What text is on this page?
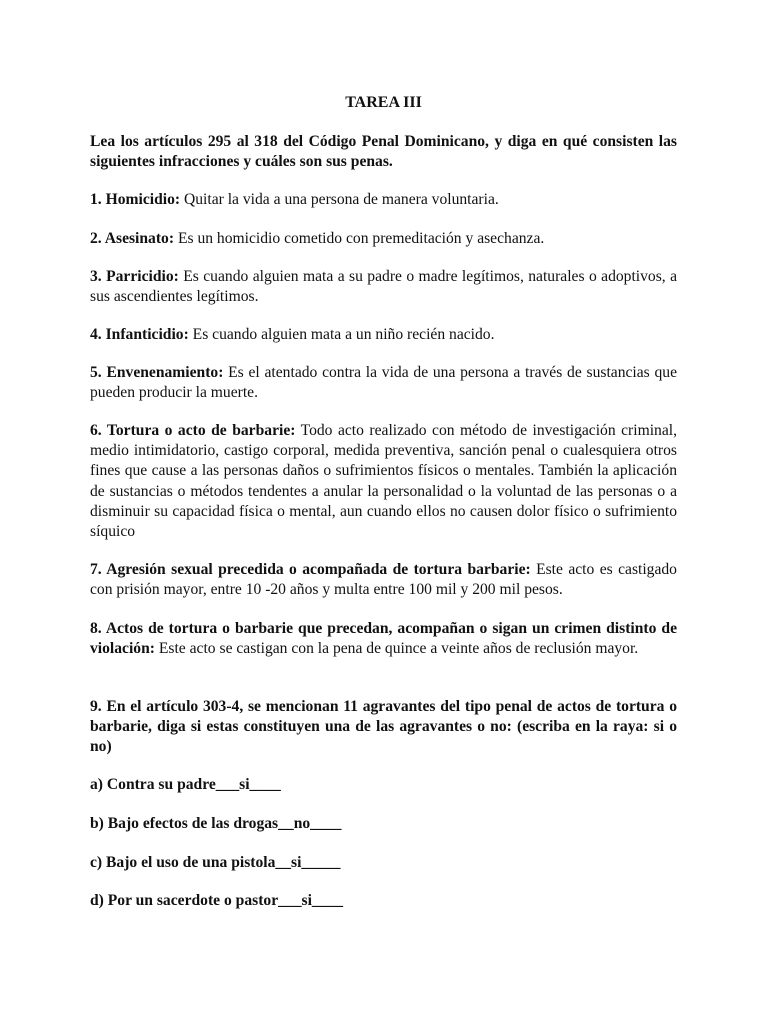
TAREA III

Lea los artículos 295 al 318 del Código Penal Dominicano, y diga en qué consisten las siguientes infracciones y cuáles son sus penas.

1. Homicidio: Quitar la vida a una persona de manera voluntaria.

2. Asesinato: Es un homicidio cometido con premeditación y asechanza.

3. Parricidio: Es cuando alguien mata a su padre o madre legítimos, naturales o adoptivos, a sus ascendientes legítimos.

4. Infanticidio: Es cuando alguien mata a un niño recién nacido.

5. Envenenamiento: Es el atentado contra la vida de una persona a través de sustancias que pueden producir la muerte.

6. Tortura o acto de barbarie: Todo acto realizado con método de investigación criminal, medio intimidatorio, castigo corporal, medida preventiva, sanción penal o cualesquiera otros fines que cause a las personas daños o sufrimientos físicos o mentales. También la aplicación de sustancias o métodos tendentes a anular la personalidad o la voluntad de las personas o a disminuir su capacidad física o mental, aun cuando ellos no causen dolor físico o sufrimiento síquico

7. Agresión sexual precedida o acompañada de tortura barbarie: Este acto es castigado con prisión mayor, entre 10 -20 años y multa entre 100 mil y 200 mil pesos.

8. Actos de tortura o barbarie que precedan, acompañan o sigan un crimen distinto de violación: Este acto se castigan con la pena de quince a veinte años de reclusión mayor.

9. En el artículo 303-4, se mencionan 11 agravantes del tipo penal de actos de tortura o barbarie, diga si estas constituyen una de las agravantes o no: (escriba en la raya: si o no)

a) Contra su padre___si____
b) Bajo efectos de las drogas__no____
c) Bajo el uso de una pistola__si_____
d) Por un sacerdote o pastor___si____
